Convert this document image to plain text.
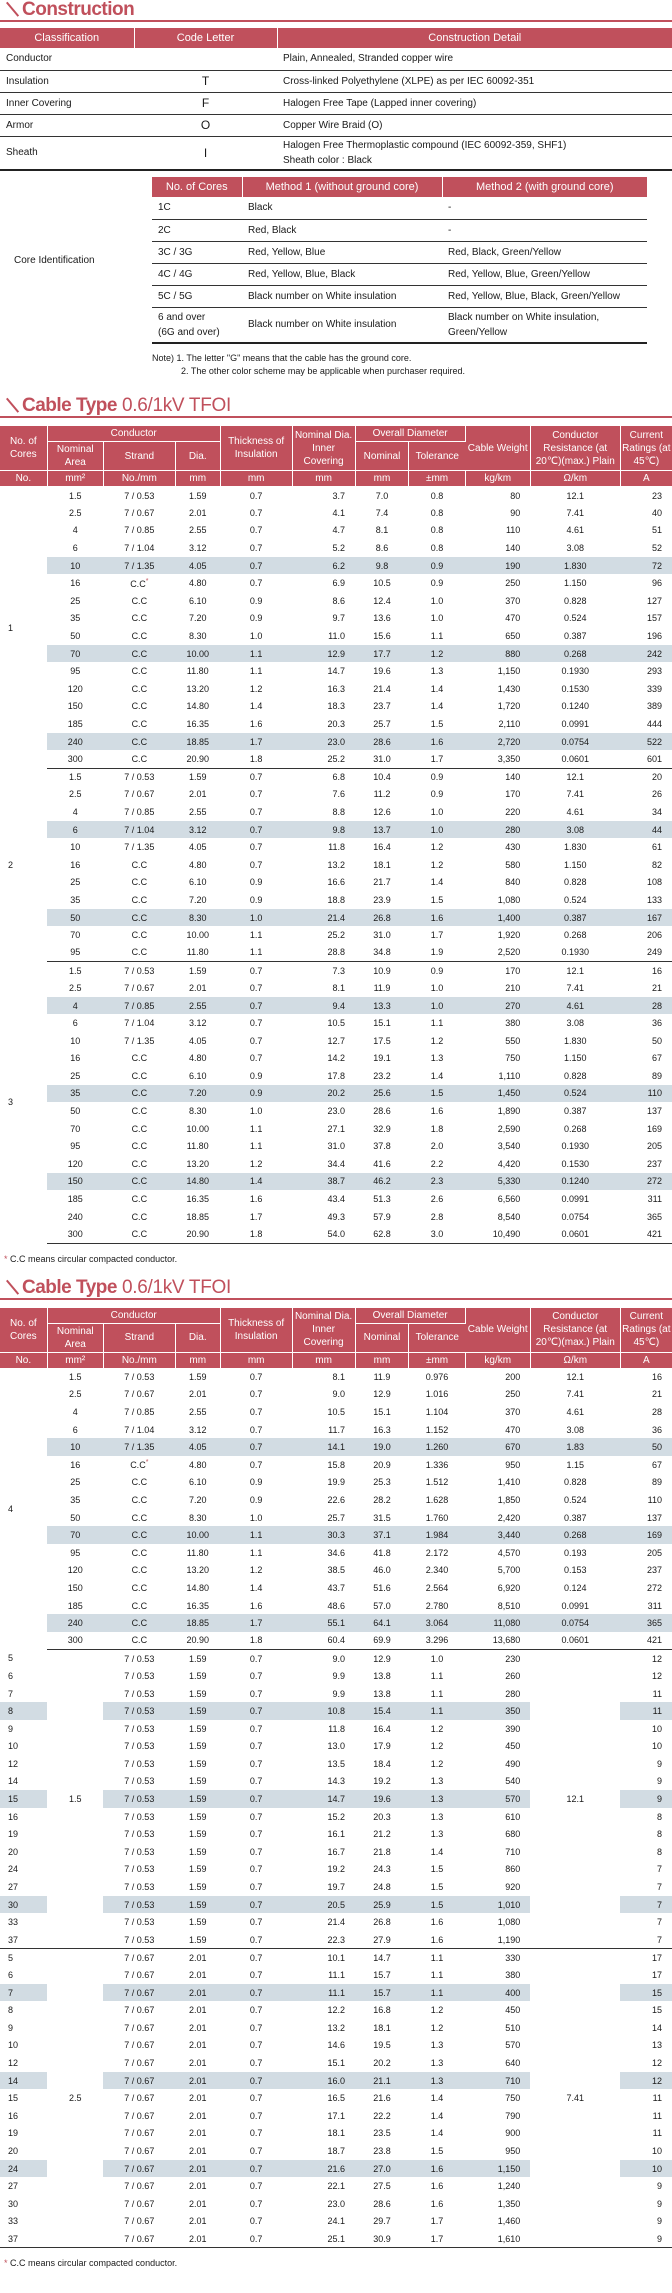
Construction
Classification	Code Letter	Construction Detail
Conductor		Plain, Annealed, Stranded copper wire

Insulation	T	Cross-linked Polyethylene (XLPE) as per IEC 60092-351

Inner Covering	F	Halogen Free Tape (Lapped inner covering)

Armor	O	Copper Wire Braid (O)

Sheath	I	Halogen Free Thermoplastic compound (IEC 60092-359, SHF1)
Sheath color : Black
Core Identification
No. of Cores	Method 1 (without ground core)	Method 2 (with ground core)
1C	Black	-
2C	Red, Black	-
3C / 3G	Red, Yellow, Blue	Red, Black, Green/Yellow
4C / 4G	Red, Yellow, Blue, Black	Red, Yellow, Blue, Green/Yellow
5C / 5G	Black number on White insulation	Red, Yellow, Blue, Black, Green/Yellow
6 and over
(6G and over)	Black number on White insulation	Black number on White insulation,
Green/Yellow
Note) 1. The letter "G" means that the cable has the ground core.
2. The other color scheme may be applicable when purchaser required.
Cable Type 0.6/1kV TFOI
No. of Cores	Conductor			Thickness of Insulation	Nominal Dia. Inner Covering	Overall Diameter		Cable Weight	Conductor Resistance (at 20℃)(max.) Plain	Current Ratings (at 45℃)
	Nominal Area	Strand	Dia.			Nominal	Tolerance			
No.	mm²	No./mm	mm	mm	mm	mm	±mm	kg/km	Ω/km	A
1	1.5	7 / 0.53	1.59	0.7	3.7	7.0	0.8	80	12.1	23
	2.5	7 / 0.67	2.01	0.7	4.1	7.4	0.8	90	7.41	40
	4	7 / 0.85	2.55	0.7	4.7	8.1	0.8	110	4.61	51
	6	7 / 1.04	3.12	0.7	5.2	8.6	0.8	140	3.08	52
	10	7 / 1.35	4.05	0.7	6.2	9.8	0.9	190	1.830	72
	16	C.C*	4.80	0.7	6.9	10.5	0.9	250	1.150	96
	25	C.C	6.10	0.9	8.6	12.4	1.0	370	0.828	127
	35	C.C	7.20	0.9	9.7	13.6	1.0	470	0.524	157
	50	C.C	8.30	1.0	11.0	15.6	1.1	650	0.387	196
	70	C.C	10.00	1.1	12.9	17.7	1.2	880	0.268	242
	95	C.C	11.80	1.1	14.7	19.6	1.3	1,150	0.1930	293
	120	C.C	13.20	1.2	16.3	21.4	1.4	1,430	0.1530	339
	150	C.C	14.80	1.4	18.3	23.7	1.4	1,720	0.1240	389
	185	C.C	16.35	1.6	20.3	25.7	1.5	2,110	0.0991	444
	240	C.C	18.85	1.7	23.0	28.6	1.6	2,720	0.0754	522
	300	C.C	20.90	1.8	25.2	31.0	1.7	3,350	0.0601	601
2	1.5	7 / 0.53	1.59	0.7	6.8	10.4	0.9	140	12.1	20
	2.5	7 / 0.67	2.01	0.7	7.6	11.2	0.9	170	7.41	26
	4	7 / 0.85	2.55	0.7	8.8	12.6	1.0	220	4.61	34
	6	7 / 1.04	3.12	0.7	9.8	13.7	1.0	280	3.08	44
	10	7 / 1.35	4.05	0.7	11.8	16.4	1.2	430	1.830	61
	16	C.C	4.80	0.7	13.2	18.1	1.2	580	1.150	82
	25	C.C	6.10	0.9	16.6	21.7	1.4	840	0.828	108
	35	C.C	7.20	0.9	18.8	23.9	1.5	1,080	0.524	133
	50	C.C	8.30	1.0	21.4	26.8	1.6	1,400	0.387	167
	70	C.C	10.00	1.1	25.2	31.0	1.7	1,920	0.268	206
	95	C.C	11.80	1.1	28.8	34.8	1.9	2,520	0.1930	249
3	1.5	7 / 0.53	1.59	0.7	7.3	10.9	0.9	170	12.1	16
	2.5	7 / 0.67	2.01	0.7	8.1	11.9	1.0	210	7.41	21
	4	7 / 0.85	2.55	0.7	9.4	13.3	1.0	270	4.61	28
	6	7 / 1.04	3.12	0.7	10.5	15.1	1.1	380	3.08	36
	10	7 / 1.35	4.05	0.7	12.7	17.5	1.2	550	1.830	50
	16	C.C	4.80	0.7	14.2	19.1	1.3	750	1.150	67
	25	C.C	6.10	0.9	17.8	23.2	1.4	1,110	0.828	89
	35	C.C	7.20	0.9	20.2	25.6	1.5	1,450	0.524	110
	50	C.C	8.30	1.0	23.0	28.6	1.6	1,890	0.387	137
	70	C.C	10.00	1.1	27.1	32.9	1.8	2,590	0.268	169
	95	C.C	11.80	1.1	31.0	37.8	2.0	3,540	0.1930	205
	120	C.C	13.20	1.2	34.4	41.6	2.2	4,420	0.1530	237
	150	C.C	14.80	1.4	38.7	46.2	2.3	5,330	0.1240	272
	185	C.C	16.35	1.6	43.4	51.3	2.6	6,560	0.0991	311
	240	C.C	18.85	1.7	49.3	57.9	2.8	8,540	0.0754	365
	300	C.C	20.90	1.8	54.0	62.8	3.0	10,490	0.0601	421
* C.C means circular compacted conductor.
Cable Type 0.6/1kV TFOI
No. of Cores	Conductor			Thickness of Insulation	Nominal Dia. Inner Covering	Overall Diameter		Cable Weight	Conductor Resistance (at 20℃)(max.) Plain	Current Ratings (at 45℃)
	Nominal Area	Strand	Dia.			Nominal	Tolerance			
No.	mm²	No./mm	mm	mm	mm	mm	±mm	kg/km	Ω/km	A
4	1.5	7 / 0.53	1.59	0.7	8.1	11.9	0.976	200	12.1	16
	2.5	7 / 0.67	2.01	0.7	9.0	12.9	1.016	250	7.41	21
	4	7 / 0.85	2.55	0.7	10.5	15.1	1.104	370	4.61	28
	6	7 / 1.04	3.12	0.7	11.7	16.3	1.152	470	3.08	36
	10	7 / 1.35	4.05	0.7	14.1	19.0	1.260	670	1.83	50
	16	C.C*	4.80	0.7	15.8	20.9	1.336	950	1.15	67
	25	C.C	6.10	0.9	19.9	25.3	1.512	1,410	0.828	89
	35	C.C	7.20	0.9	22.6	28.2	1.628	1,850	0.524	110
	50	C.C	8.30	1.0	25.7	31.5	1.760	2,420	0.387	137
	70	C.C	10.00	1.1	30.3	37.1	1.984	3,440	0.268	169
	95	C.C	11.80	1.1	34.6	41.8	2.172	4,570	0.193	205
	120	C.C	13.20	1.2	38.5	46.0	2.340	5,700	0.153	237
	150	C.C	14.80	1.4	43.7	51.6	2.564	6,920	0.124	272
	185	C.C	16.35	1.6	48.6	57.0	2.780	8,510	0.0991	311
	240	C.C	18.85	1.7	55.1	64.1	3.064	11,080	0.0754	365
	300	C.C	20.90	1.8	60.4	69.9	3.296	13,680	0.0601	421
5		7 / 0.53	1.59	0.7	9.0	12.9	1.0	230		12
6		7 / 0.53	1.59	0.7	9.9	13.8	1.1	260		12
7		7 / 0.53	1.59	0.7	9.9	13.8	1.1	280		11
8		7 / 0.53	1.59	0.7	10.8	15.4	1.1	350		11
9		7 / 0.53	1.59	0.7	11.8	16.4	1.2	390		10
10		7 / 0.53	1.59	0.7	13.0	17.9	1.2	450		10
12		7 / 0.53	1.59	0.7	13.5	18.4	1.2	490		9
14		7 / 0.53	1.59	0.7	14.3	19.2	1.3	540		9
15	1.5	7 / 0.53	1.59	0.7	14.7	19.6	1.3	570	12.1	9
16		7 / 0.53	1.59	0.7	15.2	20.3	1.3	610		8
19		7 / 0.53	1.59	0.7	16.1	21.2	1.3	680		8
20		7 / 0.53	1.59	0.7	16.7	21.8	1.4	710		8
24		7 / 0.53	1.59	0.7	19.2	24.3	1.5	860		7
27		7 / 0.53	1.59	0.7	19.7	24.8	1.5	920		7
30		7 / 0.53	1.59	0.7	20.5	25.9	1.5	1,010		7
33		7 / 0.53	1.59	0.7	21.4	26.8	1.6	1,080		7
37		7 / 0.53	1.59	0.7	22.3	27.9	1.6	1,190		7
5		7 / 0.67	2.01	0.7	10.1	14.7	1.1	330		17
6		7 / 0.67	2.01	0.7	11.1	15.7	1.1	380		17
7		7 / 0.67	2.01	0.7	11.1	15.7	1.1	400		15
8		7 / 0.67	2.01	0.7	12.2	16.8	1.2	450		15
9		7 / 0.67	2.01	0.7	13.2	18.1	1.2	510		14
10		7 / 0.67	2.01	0.7	14.6	19.5	1.3	570		13
12		7 / 0.67	2.01	0.7	15.1	20.2	1.3	640		12
14		7 / 0.67	2.01	0.7	16.0	21.1	1.3	710		12
15	2.5	7 / 0.67	2.01	0.7	16.5	21.6	1.4	750	7.41	11
16		7 / 0.67	2.01	0.7	17.1	22.2	1.4	790		11
19		7 / 0.67	2.01	0.7	18.1	23.5	1.4	900		11
20		7 / 0.67	2.01	0.7	18.7	23.8	1.5	950		10
24		7 / 0.67	2.01	0.7	21.6	27.0	1.6	1,150		10
27		7 / 0.67	2.01	0.7	22.1	27.5	1.6	1,240		9
30		7 / 0.67	2.01	0.7	23.0	28.6	1.6	1,350		9
33		7 / 0.67	2.01	0.7	24.1	29.7	1.7	1,460		9
37		7 / 0.67	2.01	0.7	25.1	30.9	1.7	1,610		9
* C.C means circular compacted conductor.
